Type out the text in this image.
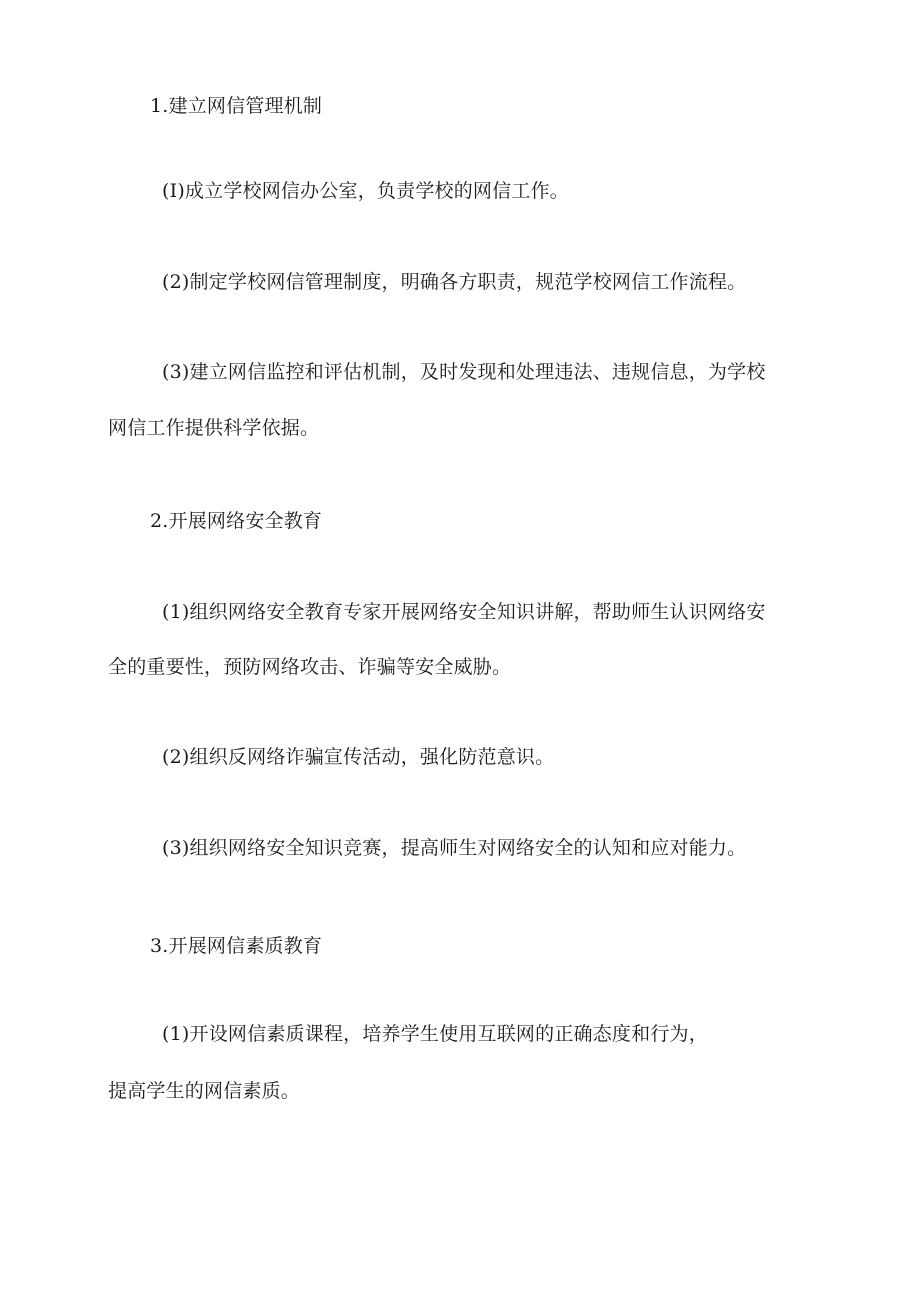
1.建立网信管理机制
(I)成立学校网信办公室，负责学校的网信工作。
(2)制定学校网信管理制度，明确各方职责，规范学校网信工作流程。
(3)建立网信监控和评估机制，及时发现和处理违法、违规信息，为学校
网信工作提供科学依据。
2.开展网络安全教育
(1)组织网络安全教育专家开展网络安全知识讲解，帮助师生认识网络安
全的重要性，预防网络攻击、诈骗等安全威胁。
(2)组织反网络诈骗宣传活动，强化防范意识。
(3)组织网络安全知识竞赛，提高师生对网络安全的认知和应对能力。
3.开展网信素质教育
(1)开设网信素质课程，培养学生使用互联网的正确态度和行为，
提高学生的网信素质。
